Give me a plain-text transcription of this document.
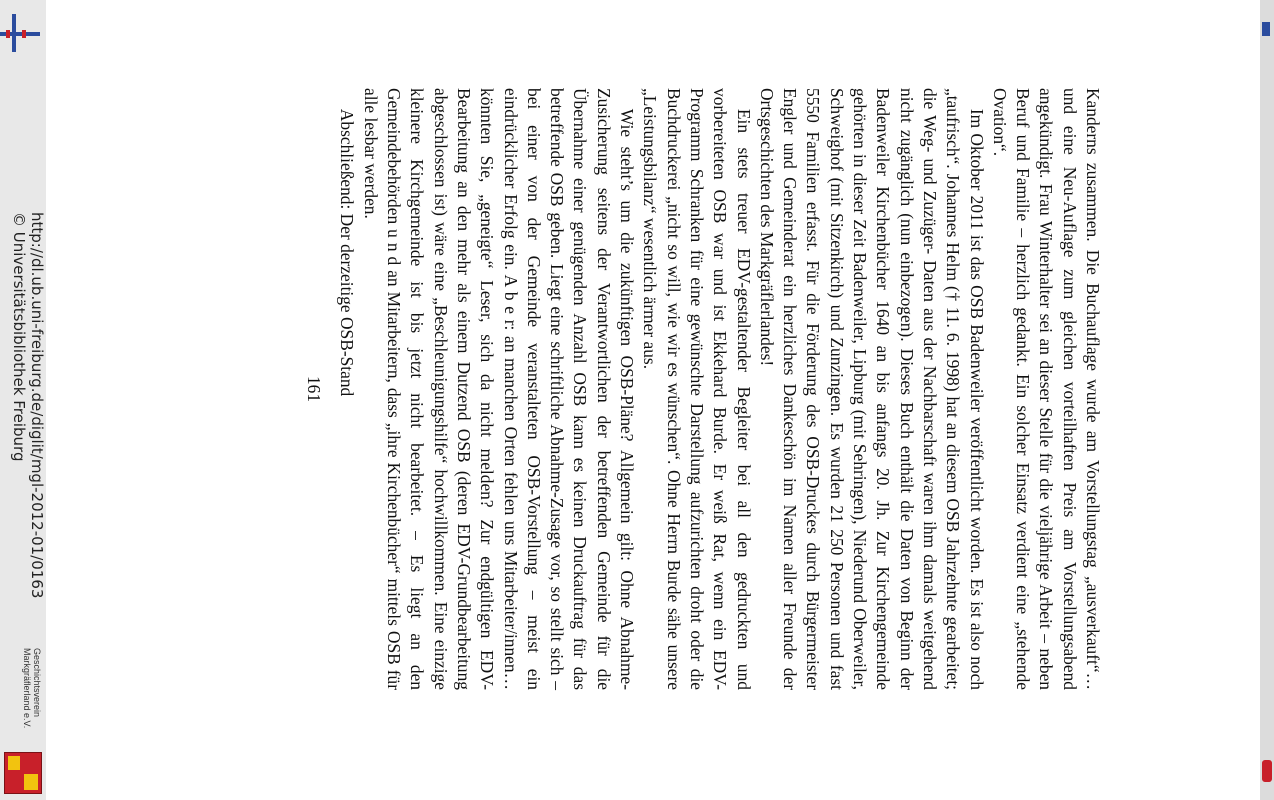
http://dl.ub.uni-freiburg.de/diglit/mgl-2012-01/0163
© Universitätsbibliothek Freiburg
Geschichtsverein
Markgräflerland e.V.	Kanderns zusammen. Die Buchauflage wurde am Vorstellungstag „ausverkauft“… und eine Neu-Auflage zum gleichen vorteilhaften Preis am Vorstellungsabend angekündigt. Frau Winterhalter sei an dieser Stelle für die vieljährige Arbeit – neben Beruf und Familie – herzlich gedankt. Ein solcher Einsatz verdient eine „stehende Ovation“.

Im Oktober 2011 ist das OSB Badenweiler veröffentlicht worden. Es ist also noch „taufrisch“. Johannes Helm († 11. 6. 1998) hat an diesem OSB Jahrzehnte gearbeitet; die Weg- und Zuzüger- Daten aus der Nachbarschaft waren ihm damals weitgehend nicht zugänglich (nun einbezogen). Dieses Buch enthält die Daten von Beginn der Badenweiler Kirchenbücher 1640 an bis anfangs 20. Jh. Zur Kirchengemeinde gehörten in dieser Zeit Badenweiler, Lipburg (mit Sehringen), Niederund Oberweiler, Schweighof (mit Sitzenkirch) und Zunzingen. Es wurden 21 250 Personen und fast 5550 Familien erfasst. Für die Förderung des OSB-Druckes durch Bürgermeister Engler und Gemeinderat ein herzliches Dankeschön im Namen aller Freunde der Ortsgeschichten des Markgräflerlandes!

Ein stets treuer EDV-gestaltender Begleiter bei all den gedruckten und vorbereiteten OSB war und ist Ekkehard Burde. Er weiß Rat, wenn ein EDV-Programm Schranken für eine gewünschte Darstellung aufzurichten droht oder die Buchdruckerei „nicht so will, wie wir es wünschen“. Ohne Herrn Burde sähe unsere „Leistungsbilanz“ wesentlich ärmer aus.

Wie steht’s um die zukünftigen OSB-Pläne? Allgemein gilt: Ohne Abnahme-Zusicherung seitens der Verantwortlichen der betreffenden Gemeinde für die Übernahme einer genügenden Anzahl OSB kann es keinen Druckauftrag für das betreffende OSB geben. Liegt eine schriftliche Abnahme-Zusage vor, so stellt sich – bei einer von der Gemeinde veranstalteten OSB-Vorstellung – meist ein eindrücklicher Erfolg ein. A b e r: an manchen Orten fehlen uns Mitarbeiter/innen… könnten Sie, „geneigte“ Leser, sich da nicht melden? Zur endgültigen EDV-Bearbeitung an den mehr als einem Dutzend OSB (deren EDV-Grundbearbeitung abgeschlossen ist) wäre eine „Beschleunigungshilfe“ hochwillkommen. Eine einzige kleinere Kirchgemeinde ist bis jetzt nicht bearbeitet. – Es liegt an den Gemeindebehörden u n d an Mitarbeitern, dass „ihre Kirchenbücher“ mittels OSB für alle lesbar werden.

Abschließend: Der derzeitige OSB-Stand

161
